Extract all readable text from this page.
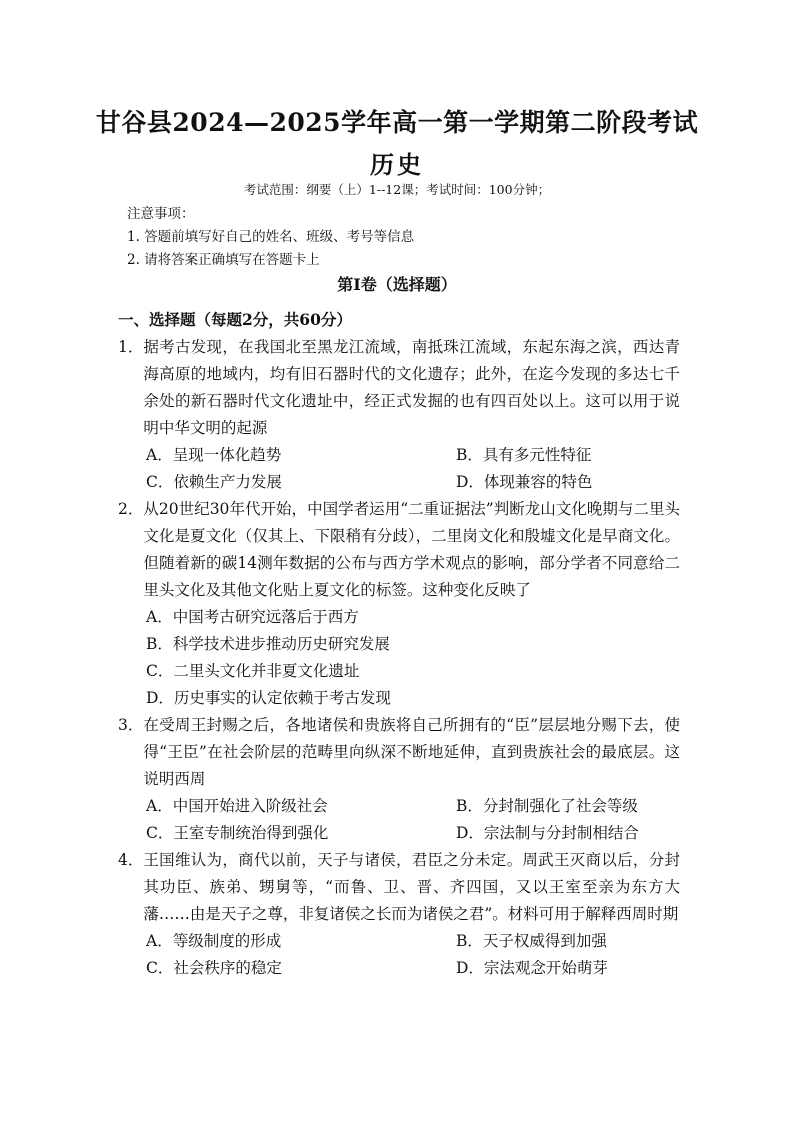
甘谷县2024—2025学年高一第一学期第二阶段考试
历史
考试范围：纲要（上）1--12课；考试时间：100分钟；
注意事项：
1. 答题前填写好自己的姓名、班级、考号等信息
2. 请将答案正确填写在答题卡上
第Ⅰ卷（选择题）
一、选择题（每题2分，共60分）
1． 据考古发现，在我国北至黑龙江流域，南抵珠江流域，东起东海之滨，西达青海高原的地域内，均有旧石器时代的文化遗存；此外，在迄今发现的多达七千余处的新石器时代文化遗址中，经正式发掘的也有四百处以上。这可以用于说明中华文明的起源
A．呈现一体化趋势	B．具有多元性特征
C．依赖生产力发展	D．体现兼容的特色
2． 从20世纪30年代开始，中国学者运用“二重证据法”判断龙山文化晚期与二里头文化是夏文化（仅其上、下限稍有分歧），二里岗文化和殷墟文化是早商文化。但随着新的碳14测年数据的公布与西方学术观点的影响，部分学者不同意给二里头文化及其他文化贴上夏文化的标签。这种变化反映了
A．中国考古研究远落后于西方
B．科学技术进步推动历史研究发展
C．二里头文化并非夏文化遗址
D．历史事实的认定依赖于考古发现
3． 在受周王封赐之后，各地诸侯和贵族将自己所拥有的“臣”层层地分赐下去，使得“王臣”在社会阶层的范畴里向纵深不断地延伸，直到贵族社会的最底层。这说明西周
A．中国开始进入阶级社会	B．分封制强化了社会等级
C．王室专制统治得到强化	D．宗法制与分封制相结合
4． 王国维认为，商代以前，天子与诸侯，君臣之分未定。周武王灭商以后，分封其功臣、族弟、甥舅等，“而鲁、卫、晋、齐四国，又以王室至亲为东方大藩……由是天子之尊，非复诸侯之长而为诸侯之君”。材料可用于解释西周时期
A．等级制度的形成	B．天子权威得到加强
C．社会秩序的稳定	D．宗法观念开始萌芽
